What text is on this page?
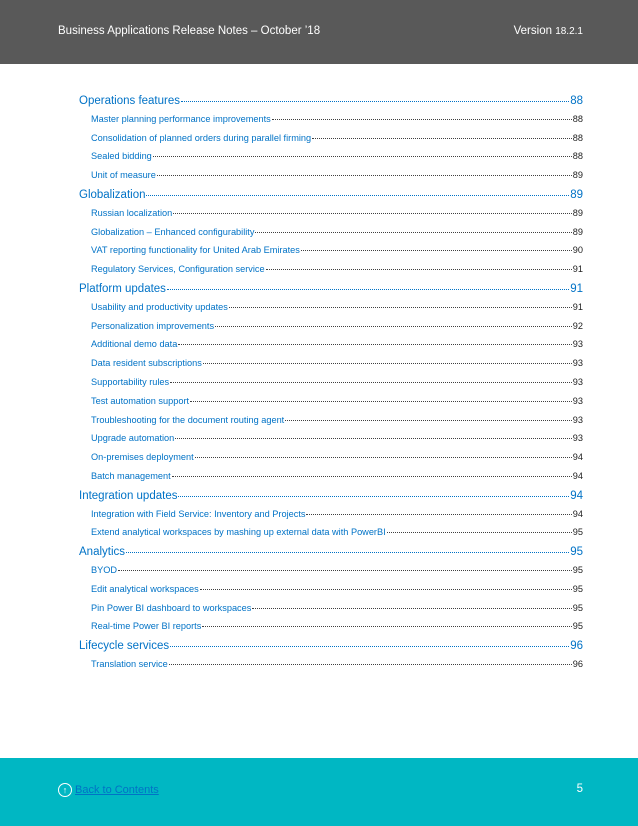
Business Applications Release Notes – October ’18	Version 18.2.1
Operations features	88
Master planning performance improvements	88
Consolidation of planned orders during parallel firming	88
Sealed bidding	88
Unit of measure	89
Globalization	89
Russian localization	89
Globalization – Enhanced configurability	89
VAT reporting functionality for United Arab Emirates	90
Regulatory Services, Configuration service	91
Platform updates	91
Usability and productivity updates	91
Personalization improvements	92
Additional demo data	93
Data resident subscriptions	93
Supportability rules	93
Test automation support	93
Troubleshooting for the document routing agent	93
Upgrade automation	93
On-premises deployment	94
Batch management	94
Integration updates	94
Integration with Field Service: Inventory and Projects	94
Extend analytical workspaces by mashing up external data with PowerBI	95
Analytics	95
BYOD	95
Edit analytical workspaces	95
Pin Power BI dashboard to workspaces	95
Real-time Power BI reports	95
Lifecycle services	96
Translation service	96
↑ Back to Contents	5
